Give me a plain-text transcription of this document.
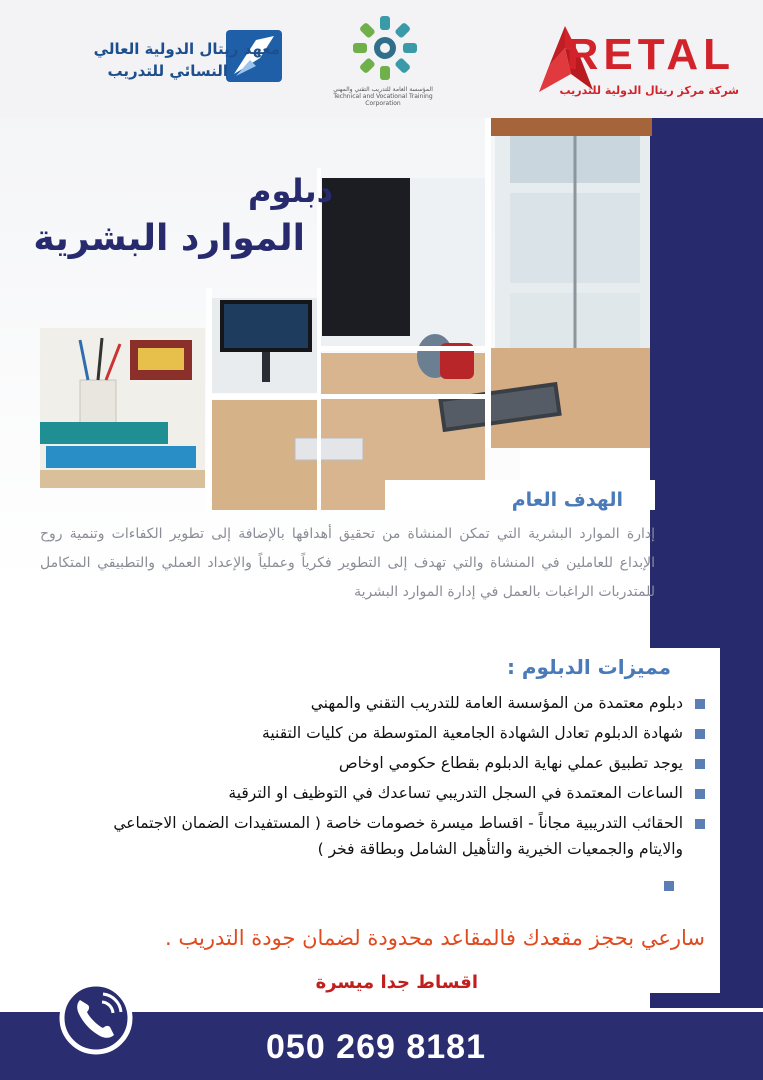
RETAL
شركة مركز ريتال الدولية للتدريب
المؤسسة العامة للتدريب التقني والمهني Technical and Vocational Training Corporation
معهد ريتال الدولية العالي
النسائي للتدريب
دبلوم
الموارد البشرية
الهدف العام
إدارة الموارد البشرية التي تمكن المنشاة من تحقيق أهدافها بالإضافة إلى تطوير الكفاءات وتنمية روح الإبداع للعاملين في المنشاة والتي تهدف إلى التطوير فكرياً وعملياً والإعداد العملي والتطبيقي المتكامل للمتدربات الراغبات بالعمل في إدارة الموارد البشرية
مميزات الدبلوم :
دبلوم معتمدة من المؤسسة العامة للتدريب التقني والمهني
شهادة الدبلوم تعادل الشهادة الجامعية المتوسطة من كليات التقنية
يوجد تطبيق عملي نهاية الدبلوم بقطاع حكومي اوخاص
الساعات المعتمدة في السجل التدريبي تساعدك في التوظيف او الترقية
الحقائب التدريبية مجاناً - اقساط ميسرة خصومات خاصة ( المستفيدات الضمان الاجتماعي والايتام والجمعيات الخيرية والتأهيل الشامل وبطاقة فخر )
سارعي بحجز مقعدك فالمقاعد محدودة لضمان جودة التدريب .
اقساط جدا ميسرة
050 269 8181
